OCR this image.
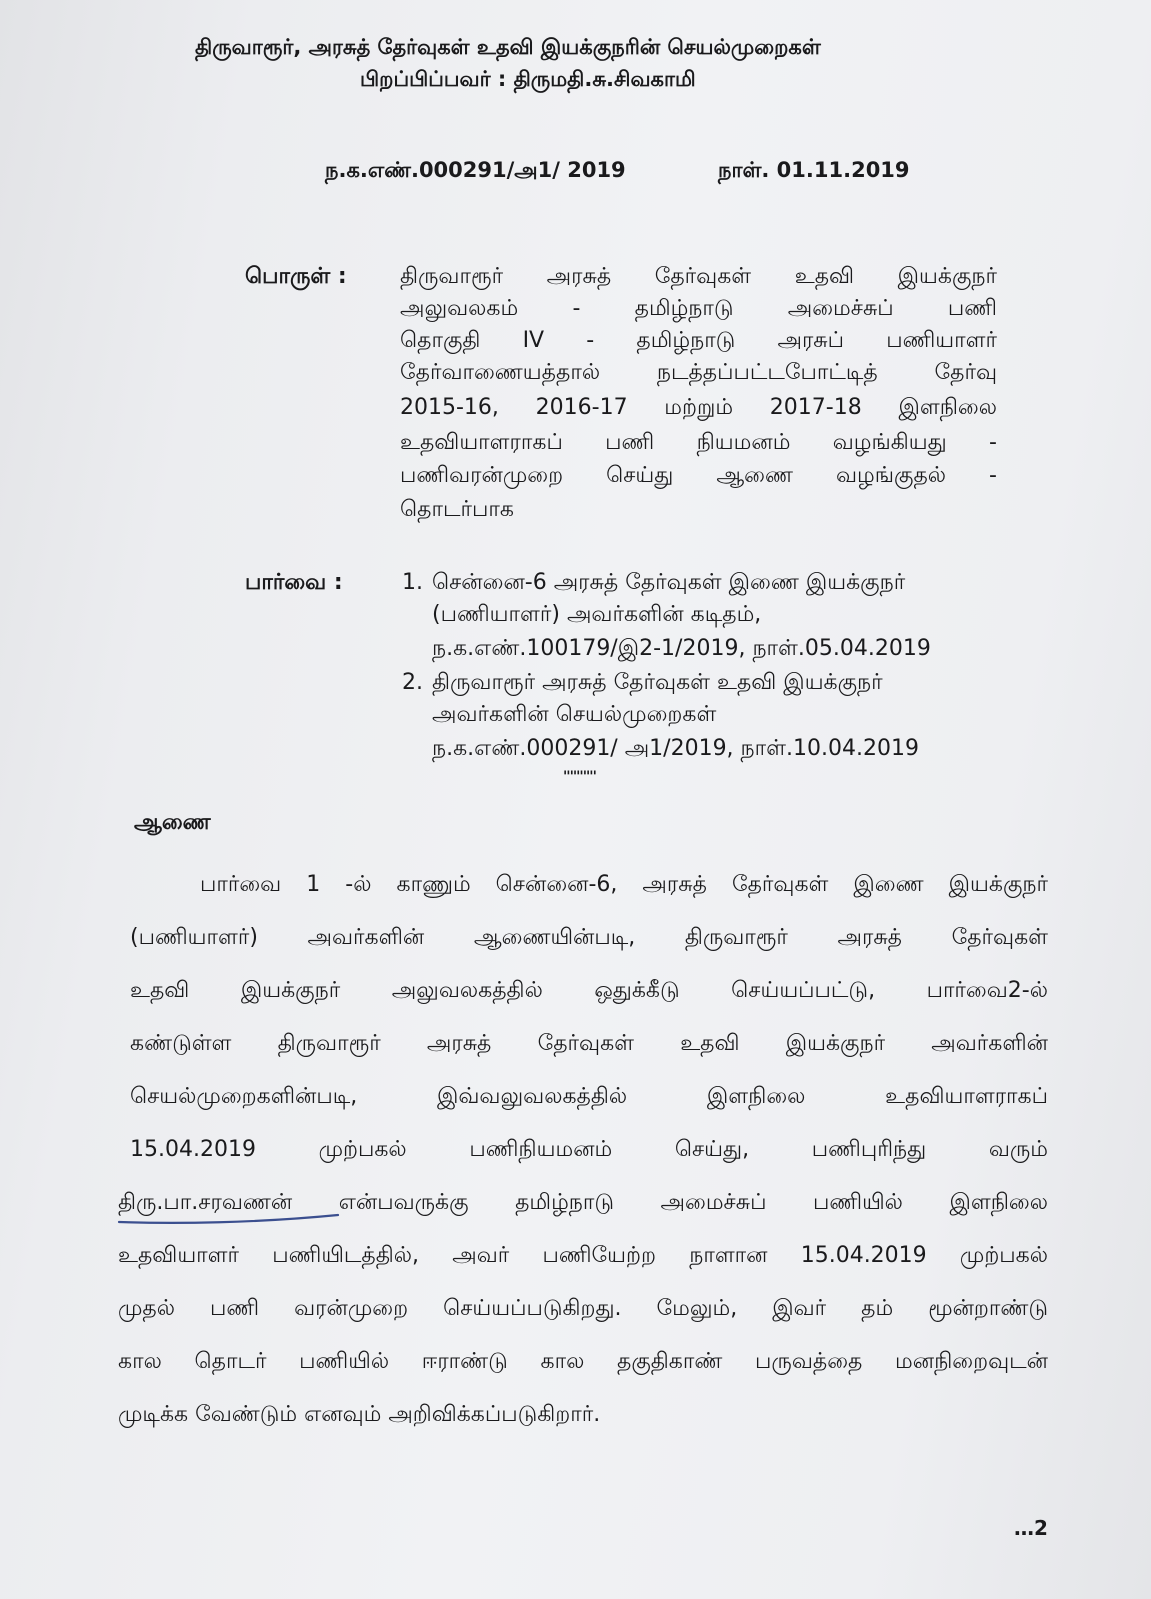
திருவாரூர், அரசுத் தேர்வுகள் உதவி இயக்குநரின் செயல்முறைகள்
பிறப்பிப்பவர் : திருமதி.சு.சிவகாமி
ந.க.எண்.000291/அ1/ 2019	நாள். 01.11.2019
பொருள் : திருவாரூர் அரசுத் தேர்வுகள் உதவி இயக்குநர்
அலுவலகம் - தமிழ்நாடு அமைச்சுப் பணி
தொகுதி IV - தமிழ்நாடு அரசுப் பணியாளர்
தேர்வாணையத்தால் நடத்தப்பட்டபோட்டித் தேர்வு
2015-16, 2016-17 மற்றும் 2017-18 இளநிலை
உதவியாளராகப் பணி நியமனம் வழங்கியது -
பணிவரன்முறை செய்து ஆணை வழங்குதல் -
தொடர்பாக
பார்வை :	1. சென்னை-6 அரசுத் தேர்வுகள் இணை இயக்குநர்
(பணியாளர்) அவர்களின் கடிதம்,
ந.க.எண்.100179/இ2-1/2019, நாள்.05.04.2019
2. திருவாரூர் அரசுத் தேர்வுகள் உதவி இயக்குநர்
அவர்களின் செயல்முறைகள்
ந.க.எண்.000291/ அ1/2019, நாள்.10.04.2019
''''''''''
ஆணை
பார்வை 1 -ல் காணும் சென்னை-6, அரசுத் தேர்வுகள் இணை இயக்குநர்
(பணியாளர்) அவர்களின் ஆணையின்படி, திருவாரூர் அரசுத் தேர்வுகள்
உதவி இயக்குநர் அலுவலகத்தில் ஒதுக்கீடு செய்யப்பட்டு, பார்வை2-ல்
கண்டுள்ள திருவாரூர் அரசுத் தேர்வுகள் உதவி இயக்குநர் அவர்களின்
செயல்முறைகளின்படி, இவ்வலுவலகத்தில் இளநிலை உதவியாளராகப்
15.04.2019 முற்பகல் பணிநியமனம் செய்து, பணிபுரிந்து வரும்
திரு.பா.சரவணன் என்பவருக்கு தமிழ்நாடு அமைச்சுப் பணியில் இளநிலை
உதவியாளர் பணியிடத்தில், அவர் பணியேற்ற நாளான 15.04.2019 முற்பகல்
முதல் பணி வரன்முறை செய்யப்படுகிறது. மேலும், இவர் தம் மூன்றாண்டு
கால தொடர் பணியில் ஈராண்டு கால தகுதிகாண் பருவத்தை மனநிறைவுடன்
முடிக்க வேண்டும் எனவும் அறிவிக்கப்படுகிறார்.
…2
